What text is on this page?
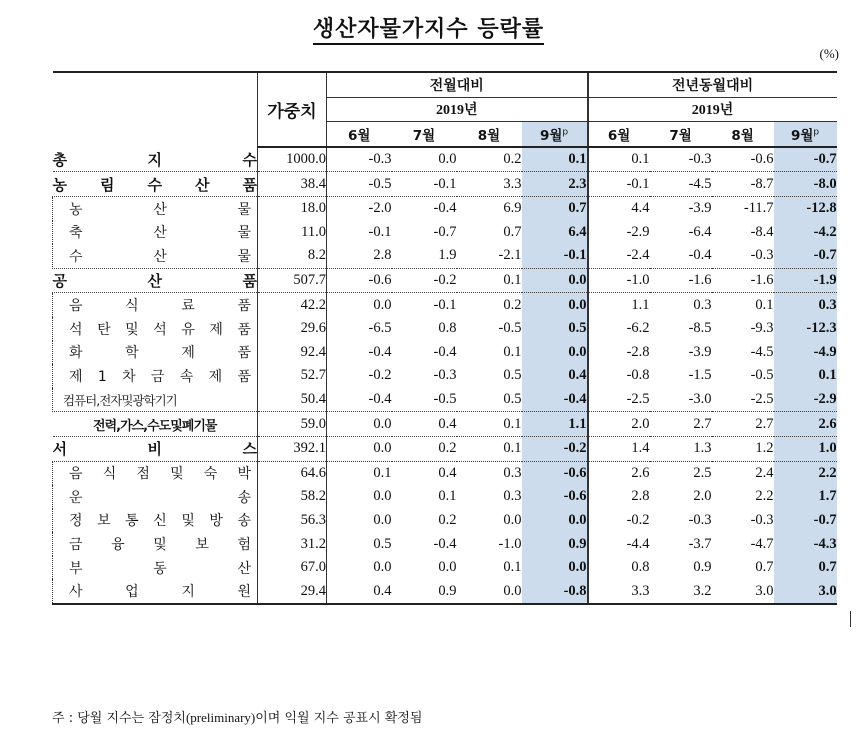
생산자물가지수 등락률
(%)
	가중치	전월대비				전년동월대비			
		2019년				2019년			
		6월	7월	8월	9월$^p$	6월	7월	8월	9월$^p$
총 지 수	1000.0	-0.3	0.0	0.2	0.1	0.1	-0.3	-0.6	-0.7
농 림 수 산 품	38.4	-0.5	-0.1	3.3	2.3	-0.1	-4.5	-8.7	-8.0
농 산 물	18.0	-2.0	-0.4	6.9	0.7	4.4	-3.9	-11.7	-12.8
축 산 물	11.0	-0.1	-0.7	0.7	6.4	-2.9	-6.4	-8.4	-4.2
수 산 물	8.2	2.8	1.9	-2.1	-0.1	-2.4	-0.4	-0.3	-0.7
공 산 품	507.7	-0.6	-0.2	0.1	0.0	-1.0	-1.6	-1.6	-1.9
음 식 료 품	42.2	0.0	-0.1	0.2	0.0	1.1	0.3	0.1	0.3
석 탄 및 석 유 제 품	29.6	-6.5	0.8	-0.5	0.5	-6.2	-8.5	-9.3	-12.3
화 학 제 품	92.4	-0.4	-0.4	0.1	0.0	-2.8	-3.9	-4.5	-4.9
제 1 차 금 속 제 품	52.7	-0.2	-0.3	0.5	0.4	-0.8	-1.5	-0.5	0.1
컴퓨터,전자및광학기기	50.4	-0.4	-0.5	0.5	-0.4	-2.5	-3.0	-2.5	-2.9
전력,가스,수도및폐기물	59.0	0.0	0.4	0.1	1.1	2.0	2.7	2.7	2.6
서 비 스	392.1	0.0	0.2	0.1	-0.2	1.4	1.3	1.2	1.0
음 식 점 및 숙 박	64.6	0.1	0.4	0.3	-0.6	2.6	2.5	2.4	2.2
운 송	58.2	0.0	0.1	0.3	-0.6	2.8	2.0	2.2	1.7
정 보 통 신 및 방 송	56.3	0.0	0.2	0.0	0.0	-0.2	-0.3	-0.3	-0.7
금 융 및 보 험	31.2	0.5	-0.4	-1.0	0.9	-4.4	-3.7	-4.7	-4.3
부 동 산	67.0	0.0	0.0	0.1	0.0	0.8	0.9	0.7	0.7
사 업 지 원	29.4	0.4	0.9	0.0	-0.8	3.3	3.2	3.0	3.0
주 : 당월 지수는 잠정치(preliminary)이며 익월 지수 공표시 확정됨
